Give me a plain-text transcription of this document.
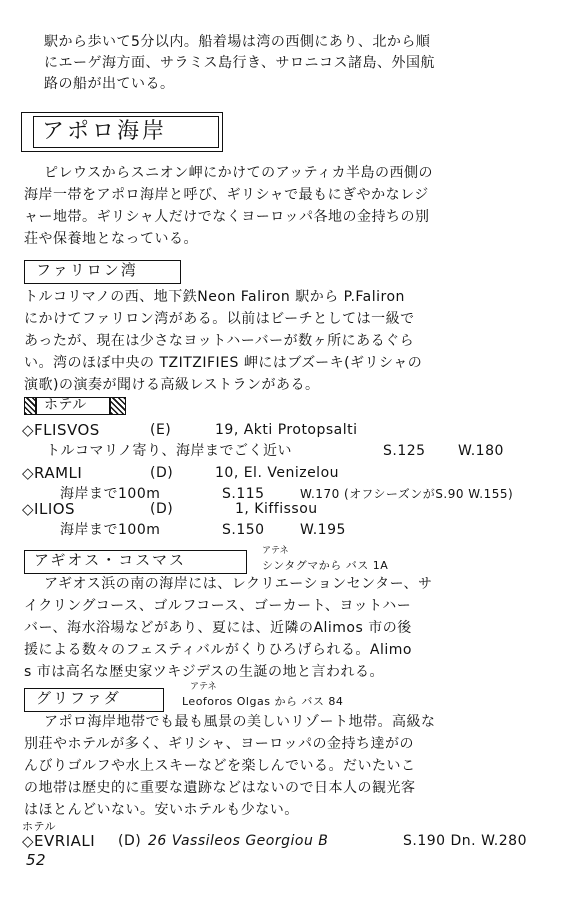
駅から歩いて5分以内。船着場は湾の西側にあり、北から順
にエーゲ海方面、サラミス島行き、サロニコス諸島、外国航
路の船が出ている。
アポロ海岸
ピレウスからスニオン岬にかけてのアッティカ半島の西側の
海岸一帯をアポロ海岸と呼び、ギリシャで最もにぎやかなレジ
ャー地帯。ギリシャ人だけでなくヨーロッパ各地の金持ちの別
荘や保養地となっている。
ファリロン湾
トルコリマノの西、地下鉄Neon Faliron 駅から P.Faliron
にかけてファリロン湾がある。以前はビーチとしては一級で
あったが、現在は少さなヨットハーバーが数ヶ所にあるぐら
い。湾のほぼ中央の TZITZIFIES 岬にはブズーキ(ギリシャの
演歌)の演奏が聞ける高級レストランがある。
ホテル
◇FLISVOS	(E)	19, Akti Protopsalti
トルコマリノ寄り、海岸までごく近い	S.125 W.180
◇RAMLI	(D)	10, El. Venizelou
海岸まで100m	S.115	W.170 (オフシーズンがS.90 W.155)
◇ILIOS	(D)	1, Kiffissou
海岸まで100m	S.150	W.195
アギオス・コスマス	アテネ
シンタグマから バス 1A
アギオス浜の南の海岸には、レクリエーションセンター、サ
イクリングコース、ゴルフコース、ゴーカート、ヨットハー
バー、海水浴場などがあり、夏には、近隣のAlimos 市の後
援による数々のフェスティバルがくりひろげられる。Alimo
s 市は高名な歴史家ツキジデスの生誕の地と言われる。
グリファダ
アテネ
Leoforos Olgas から バス 84
アポロ海岸地帯でも最も風景の美しいリゾート地帯。高級な
別荘やホテルが多く、ギリシャ、ヨーロッパの金持ち達がの
んびりゴルフや水上スキーなどを楽しんでいる。だいたいこ
の地帯は歴史的に重要な遺跡などはないので日本人の観光客
はほとんどいない。安いホテルも少ない。
ホテル
◇EVRIALI (D) 26 Vassileos Georgiou B	S.190 Dn. W.280
52
